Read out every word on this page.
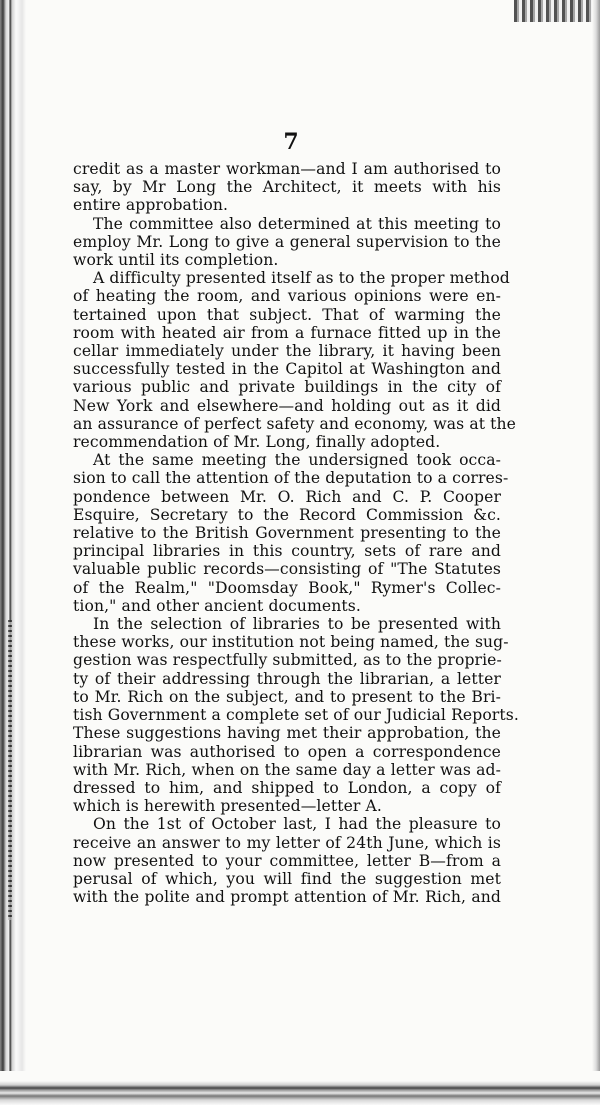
7
credit as a master workman—and I am authorised to
say, by Mr Long the Architect, it meets with his
entire approbation.
The committee also determined at this meeting to
employ Mr. Long to give a general supervision to the
work until its completion.
A difficulty presented itself as to the proper method
of heating the room, and various opinions were en-
tertained upon that subject. That of warming the
room with heated air from a furnace fitted up in the
cellar immediately under the library, it having been
successfully tested in the Capitol at Washington and
various public and private buildings in the city of
New York and elsewhere—and holding out as it did
an assurance of perfect safety and economy, was at the
recommendation of Mr. Long, finally adopted.
At the same meeting the undersigned took occa-
sion to call the attention of the deputation to a corres-
pondence between Mr. O. Rich and C. P. Cooper
Esquire, Secretary to the Record Commission &c.
relative to the British Government presenting to the
principal libraries in this country, sets of rare and
valuable public records—consisting of "The Statutes
of the Realm," "Doomsday Book," Rymer's Collec-
tion," and other ancient documents.
In the selection of libraries to be presented with
these works, our institution not being named, the sug-
gestion was respectfully submitted, as to the proprie-
ty of their addressing through the librarian, a letter
to Mr. Rich on the subject, and to present to the Bri-
tish Government a complete set of our Judicial Reports.
These suggestions having met their approbation, the
librarian was authorised to open a correspondence
with Mr. Rich, when on the same day a letter was ad-
dressed to him, and shipped to London, a copy of
which is herewith presented—letter A.
On the 1st of October last, I had the pleasure to
receive an answer to my letter of 24th June, which is
now presented to your committee, letter B—from a
perusal of which, you will find the suggestion met
with the polite and prompt attention of Mr. Rich, and
